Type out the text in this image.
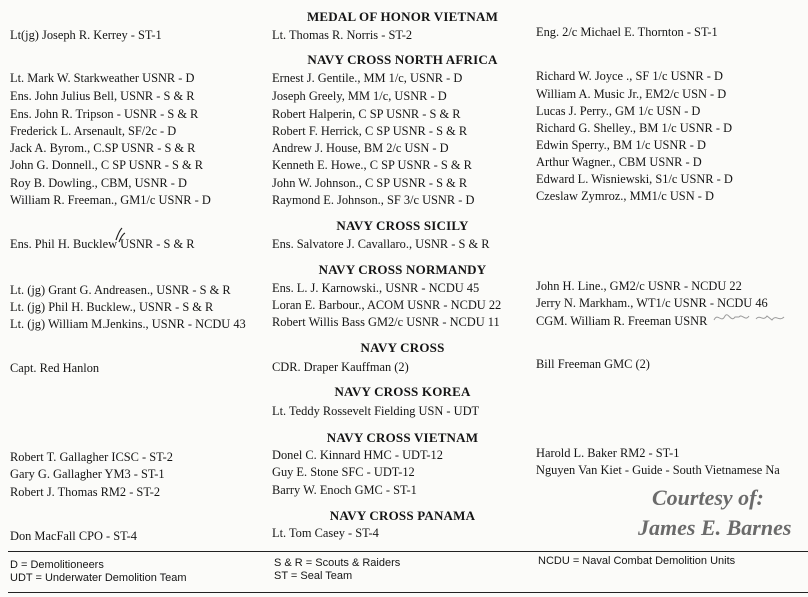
MEDAL OF HONOR VIETNAM
Lt(jg) Joseph R. Kerrey - ST-1	Lt. Thomas R. Norris - ST-2	Eng. 2/c Michael E. Thornton - ST-1
NAVY CROSS NORTH AFRICA
Lt. Mark W. Starkweather USNR - D
Ens. John Julius Bell, USNR - S & R
Ens. John R. Tripson - USNR - S & R
Frederick L. Arsenault, SF/2c - D
Jack A. Byrom., C.SP USNR - S & R
John G. Donnell., C SP USNR - S & R
Roy B. Dowling., CBM, USNR - D
William R. Freeman., GM1/c USNR - D
Ernest J. Gentile., MM 1/c, USNR - D
Joseph Greely, MM 1/c, USNR - D
Robert Halperin, C SP USNR - S & R
Robert F. Herrick, C SP USNR - S & R
Andrew J. House, BM 2/c USN - D
Kenneth E. Howe., C SP USNR - S & R
John W. Johnson., C SP USNR - S & R
Raymond E. Johnson., SF 3/c USNR - D
Richard W. Joyce ., SF 1/c USNR - D
William A. Music Jr., EM2/c USN - D
Lucas J. Perry., GM 1/c USN - D
Richard G. Shelley., BM 1/c USNR - D
Edwin Sperry., BM 1/c USNR - D
Arthur Wagner., CBM USNR - D
Edward L. Wisniewski, S1/c USNR - D
Czeslaw Zymroz., MM1/c USN - D
NAVY CROSS SICILY
Ens. Phil H. Bucklew USNR - S & R	Ens. Salvatore J. Cavallaro., USNR - S & R
NAVY CROSS NORMANDY
Lt. (jg) Grant G. Andreasen., USNR - S & R
Lt. (jg) Phil H. Bucklew., USNR - S & R
Lt. (jg) William M.Jenkins., USNR - NCDU 43
Ens. L. J. Karnowski., USNR - NCDU 45
Loran E. Barbour., ACOM USNR - NCDU 22
Robert Willis Bass GM2/c USNR - NCDU 11
John H. Line., GM2/c USNR - NCDU 22
Jerry N. Markham., WT1/c USNR - NCDU 46
CGM. William R. Freeman USNR
NAVY CROSS
Capt. Red Hanlon	CDR. Draper Kauffman (2)	Bill Freeman GMC (2)
NAVY CROSS KOREA
Lt. Teddy Rossevelt Fielding USN - UDT
NAVY CROSS VIETNAM
Robert T. Gallagher ICSC - ST-2
Gary G. Gallagher YM3 - ST-1
Robert J. Thomas RM2 - ST-2
Donel C. Kinnard HMC - UDT-12
Guy E. Stone SFC - UDT-12
Barry W. Enoch GMC - ST-1
Harold L. Baker RM2 - ST-1
Nguyen Van Kiet - Guide - South Vietnamese Na
Courtesy of:
James E. Barnes
NAVY CROSS PANAMA
Don MacFall CPO - ST-4	Lt. Tom Casey - ST-4
D = Demolitioneers
UDT = Underwater Demolition Team
S & R = Scouts & Raiders
ST = Seal Team
NCDU = Naval Combat Demolition Units
